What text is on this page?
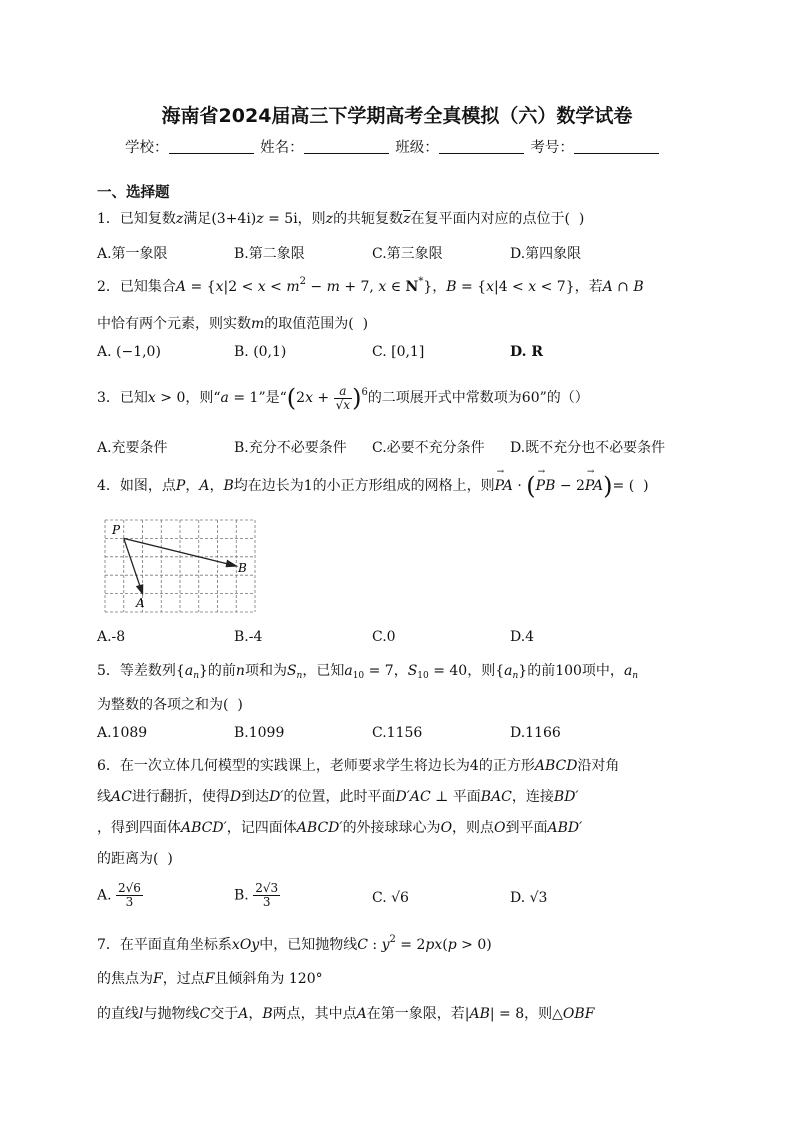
海南省2024届高三下学期高考全真模拟（六）数学试卷
学校：	姓名：	班级：	考号：
一、选择题
1．已知复数z满足(3+4i)z = 5i，则z的共轭复数$\overline{z}$在复平面内对应的点位于( )
A.第一象限	B.第二象限	C.第三象限	D.第四象限
2．已知集合$A = \{x|2 < x < m^2 - m + 7$, x ∈ N*}，B = {x|4 < x < 7}，若A ∩ B
中恰有两个元素，则实数m的取值范围为( )
A. (−1,0)	B. (0,1)	C. [0,1]	D. R
3．已知x > 0，则“a = 1”是“$(2x + \frac{a}{√x} )^6$的二项展开式中常数项为60”的（）
A.充要条件	B.充分不必要条件 C.必要不充分条件 D.既不充分也不必要条件
4．如图，点P，A，B均在边长为1的小正方形组成的网格上，则→ PA · (→ PB − 2→ PA)= ( )
P
A
B
A.-8	B.-4	C.0	D.4
5．等差数列$\{a_n\}$的前n项和为$S_n$，已知$a_{10} = 7$，$S_{10} = 40$，则$\{a_n\}$的前100项中，$a_n$
为整数的各项之和为( )
A.1089	B.1099	C.1156	D.1166
6．在一次立体几何模型的实践课上，老师要求学生将边长为4的正方形ABCD沿对角
线AC进行翻折，使得D到达D′的位置，此时平面D′AC ⊥ 平面BAC，连接BD′
，得到四面体ABCD′，记四面体ABCD′的外接球球心为O，则点O到平面ABD′
的距离为( )
A. $\frac{2√6}{3}$	B. $\frac{2√3}{3}$	C. √6	D. √3
7．在平面直角坐标系xOy中，已知抛物线C : $y^2 = 2px(p > 0)$
的焦点为F，过点F且倾斜角为 120°
的直线l与抛物线C交于A，B两点，其中点A在第一象限，若|AB| = 8，则△OBF
